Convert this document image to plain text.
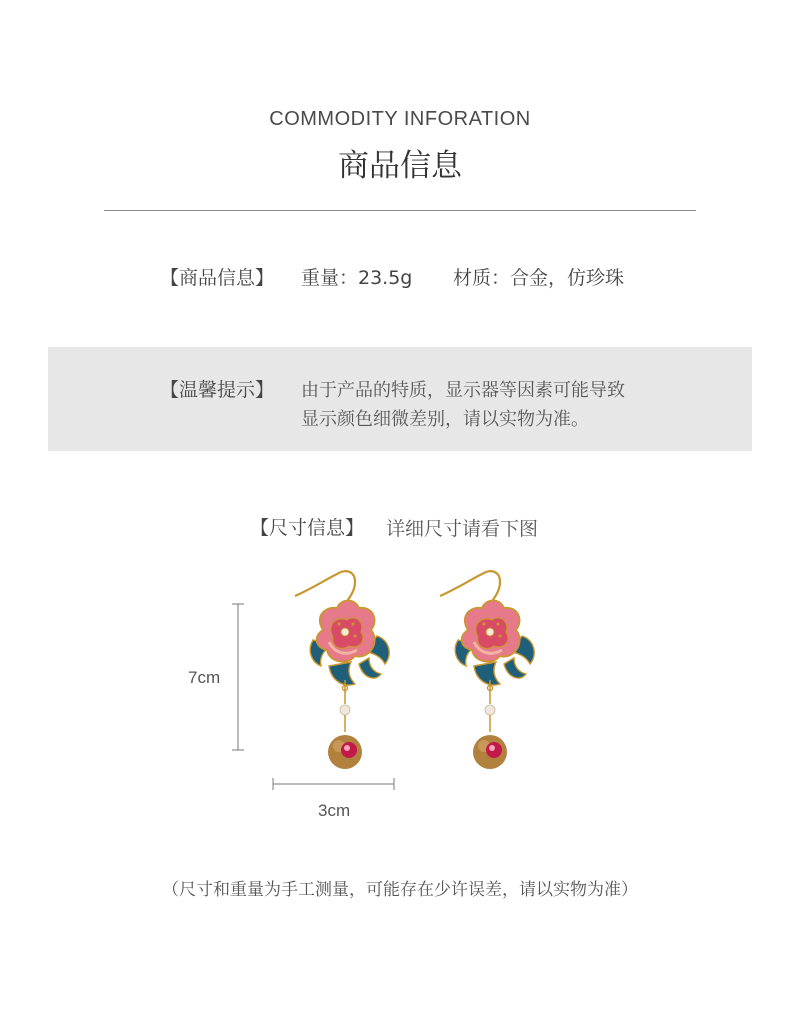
COMMODITY INFORATION
商品信息
【商品信息】 重量：23.5g 材质：合金，仿珍珠
【温馨提示】 由于产品的特质，显示器等因素可能导致
显示颜色细微差别，请以实物为准。
【尺寸信息】 详细尺寸请看下图
7cm
3cm
（尺寸和重量为手工测量，可能存在少许误差，请以实物为准）
